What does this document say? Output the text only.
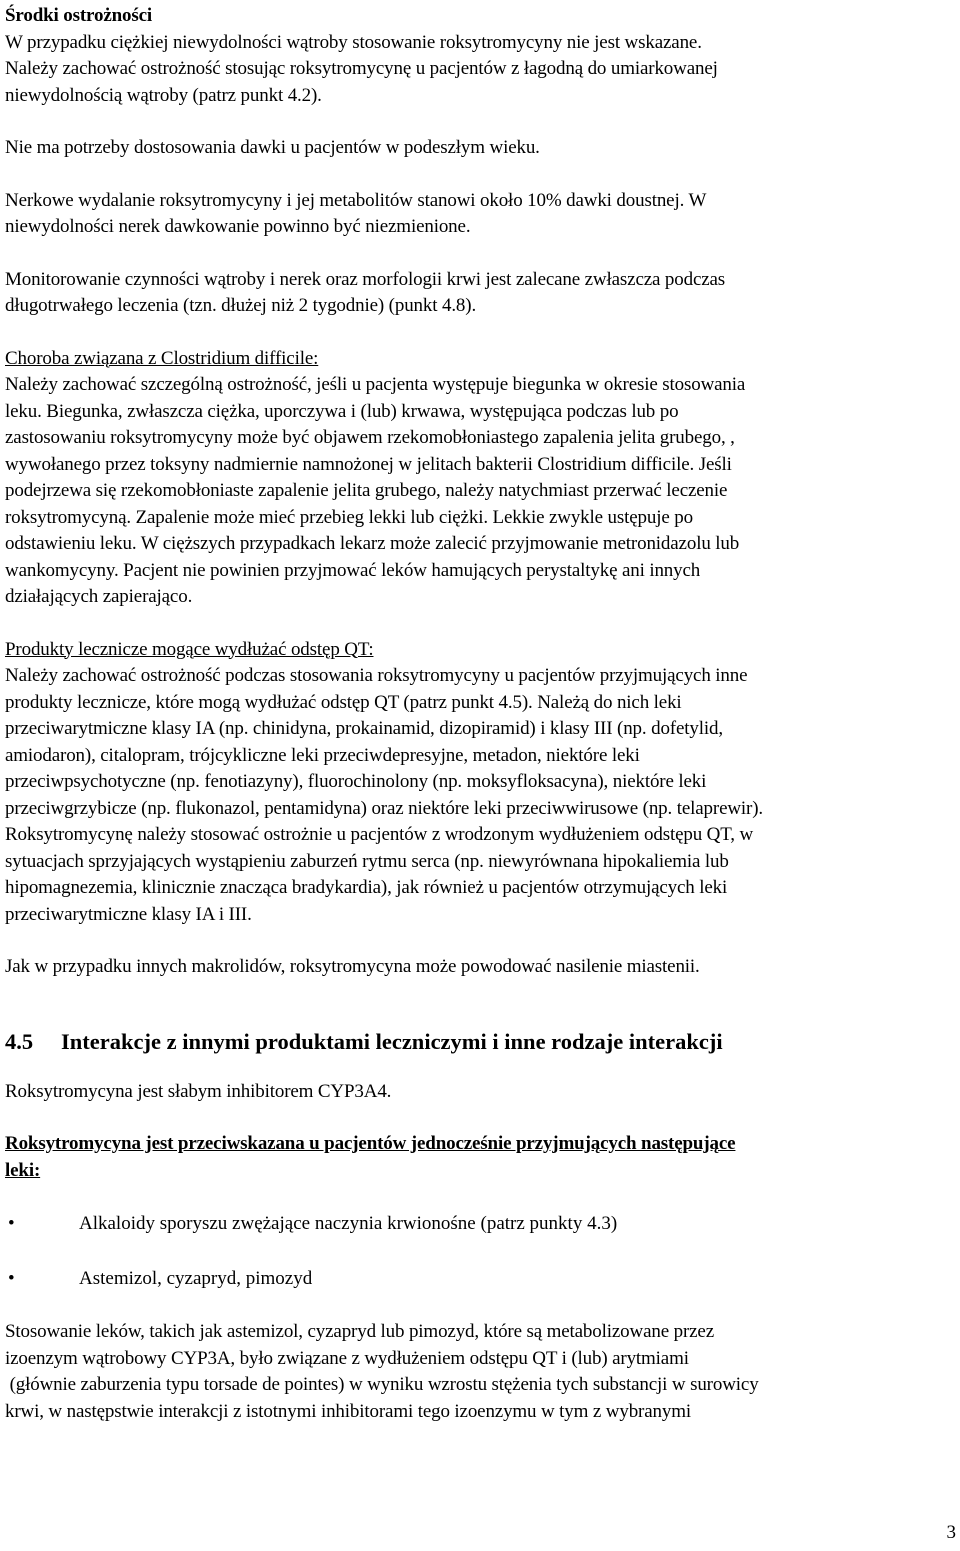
Środki ostrożności
W przypadku ciężkiej niewydolności wątroby stosowanie roksytromycyny nie jest wskazane.
Należy zachować ostrożność stosując roksytromycynę u pacjentów z łagodną do umiarkowanej
niewydolnością wątroby (patrz punkt 4.2).
Nie ma potrzeby dostosowania dawki u pacjentów w podeszłym wieku.
Nerkowe wydalanie roksytromycyny i jej metabolitów stanowi około 10% dawki doustnej. W
niewydolności nerek dawkowanie powinno być niezmienione.
Monitorowanie czynności wątroby i nerek oraz morfologii krwi jest zalecane zwłaszcza podczas
długotrwałego leczenia (tzn. dłużej niż 2 tygodnie) (punkt 4.8).
Choroba związana z Clostridium difficile:
Należy zachować szczególną ostrożność, jeśli u pacjenta występuje biegunka w okresie stosowania
leku. Biegunka, zwłaszcza ciężka, uporczywa i (lub) krwawa, występująca podczas lub po
zastosowaniu roksytromycyny może być objawem rzekomobłoniastego zapalenia jelita grubego, ,
wywołanego przez toksyny nadmiernie namnożonej w jelitach bakterii Clostridium difficile. Jeśli
podejrzewa się rzekomobłoniaste zapalenie jelita grubego, należy natychmiast przerwać leczenie
roksytromycyną. Zapalenie może mieć przebieg lekki lub ciężki. Lekkie zwykle ustępuje po
odstawieniu leku. W cięższych przypadkach lekarz może zalecić przyjmowanie metronidazolu lub
wankomycyny. Pacjent nie powinien przyjmować leków hamujących perystaltykę ani innych
działających zapierająco.
Produkty lecznicze mogące wydłużać odstęp QT:
Należy zachować ostrożność podczas stosowania roksytromycyny u pacjentów przyjmujących inne
produkty lecznicze, które mogą wydłużać odstęp QT (patrz punkt 4.5). Należą do nich leki
przeciwarytmiczne klasy IA (np. chinidyna, prokainamid, dizopiramid) i klasy III (np. dofetylid,
amiodaron), citalopram, trójcykliczne leki przeciwdepresyjne, metadon, niektóre leki
przeciwpsychotyczne (np. fenotiazyny), fluorochinolony (np. moksyfloksacyna), niektóre leki
przeciwgrzybicze (np. flukonazol, pentamidyna) oraz niektóre leki przeciwwirusowe (np. telaprewir).
Roksytromycynę należy stosować ostrożnie u pacjentów z wrodzonym wydłużeniem odstępu QT, w
sytuacjach sprzyjających wystąpieniu zaburzeń rytmu serca (np. niewyrównana hipokaliemia lub
hipomagnezemia, klinicznie znacząca bradykardia), jak również u pacjentów otrzymujących leki
przeciwarytmiczne klasy IA i III.
Jak w przypadku innych makrolidów, roksytromycyna może powodować nasilenie miastenii.
4.5	Interakcje z innymi produktami leczniczymi i inne rodzaje interakcji
Roksytromycyna jest słabym inhibitorem CYP3A4.
Roksytromycyna jest przeciwskazana u pacjentów jednocześnie przyjmujących następujące
leki:
•	Alkaloidy sporyszu zwężające naczynia krwionośne (patrz punkty 4.3)
•	Astemizol, cyzapryd, pimozyd
Stosowanie leków, takich jak astemizol, cyzapryd lub pimozyd, które są metabolizowane przez
izoenzym wątrobowy CYP3A, było związane z wydłużeniem odstępu QT i (lub) arytmiami
(głównie zaburzenia typu torsade de pointes) w wyniku wzrostu stężenia tych substancji w surowicy
krwi, w następstwie interakcji z istotnymi inhibitorami tego izoenzymu w tym z wybranymi
3
